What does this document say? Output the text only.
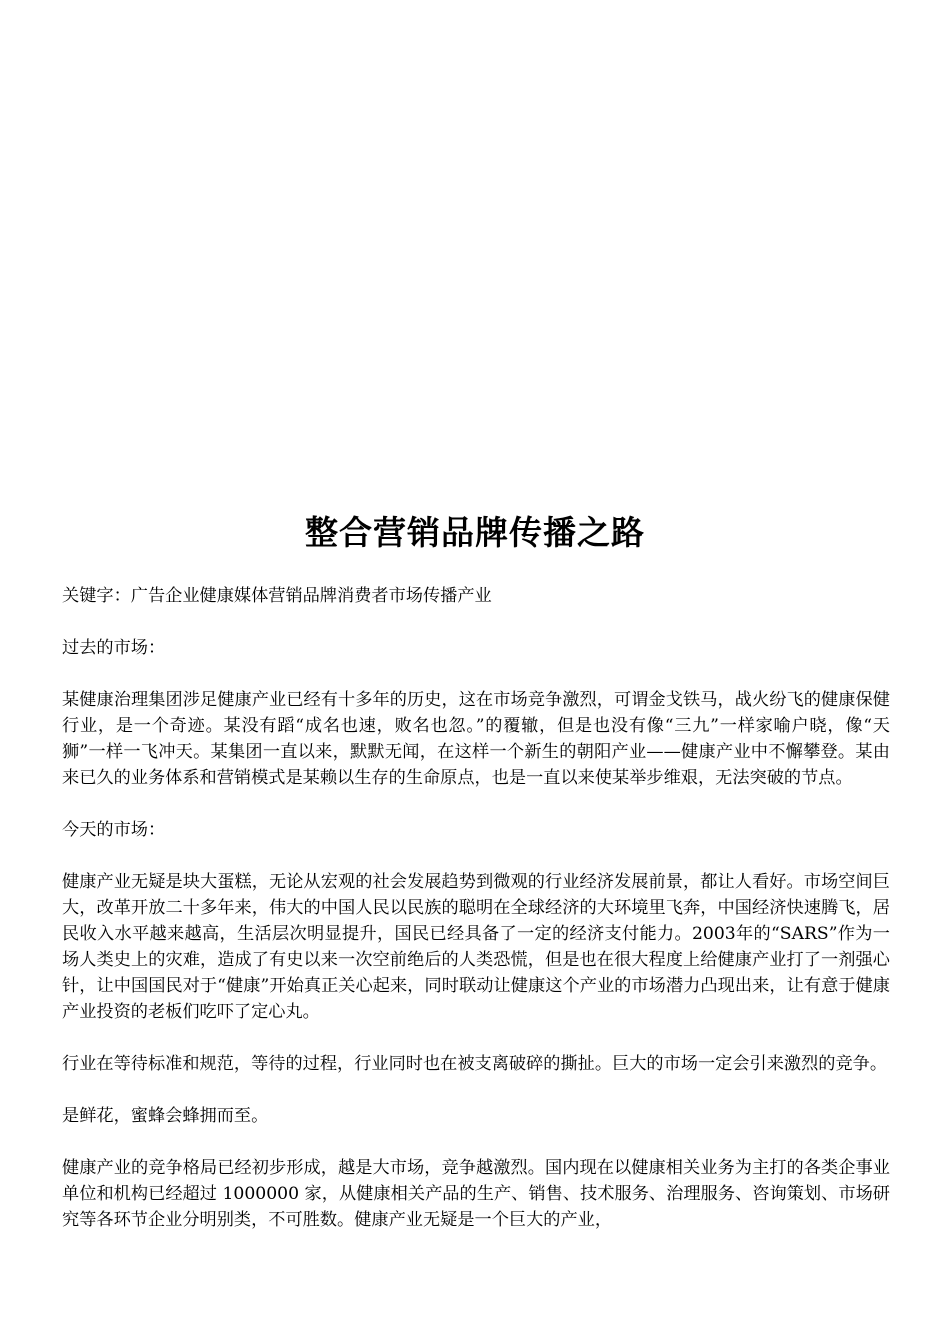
整合营销品牌传播之路

关键字：广告企业健康媒体营销品牌消费者市场传播产业

过去的市场：

某健康治理集团涉足健康产业已经有十多年的历史，这在市场竞争激烈，可谓金戈铁马，战火纷飞的健康保健行业，是一个奇迹。某没有蹈“成名也速，败名也忽。”的覆辙，但是也没有像“三九”一样家喻户晓，像“天狮”一样一飞冲天。某集团一直以来，默默无闻，在这样一个新生的朝阳产业——健康产业中不懈攀登。某由来已久的业务体系和营销模式是某赖以生存的生命原点，也是一直以来使某举步维艰，无法突破的节点。

今天的市场：

健康产业无疑是块大蛋糕，无论从宏观的社会发展趋势到微观的行业经济发展前景，都让人看好。市场空间巨大，改革开放二十多年来，伟大的中国人民以民族的聪明在全球经济的大环境里飞奔，中国经济快速腾飞，居民收入水平越来越高，生活层次明显提升，国民已经具备了一定的经济支付能力。2003年的“SARS”作为一场人类史上的灾难，造成了有史以来一次空前绝后的人类恐慌，但是也在很大程度上给健康产业打了一剂强心针，让中国国民对于“健康”开始真正关心起来，同时联动让健康这个产业的市场潜力凸现出来，让有意于健康产业投资的老板们吃吓了定心丸。

行业在等待标准和规范，等待的过程，行业同时也在被支离破碎的撕扯。巨大的市场一定会引来激烈的竞争。

是鲜花，蜜蜂会蜂拥而至。

健康产业的竞争格局已经初步形成，越是大市场，竞争越激烈。国内现在以健康相关业务为主打的各类企事业单位和机构已经超过 1000000 家，从健康相关产品的生产、销售、技术服务、治理服务、咨询策划、市场研究等各环节企业分明别类，不可胜数。健康产业无疑是一个巨大的产业，
